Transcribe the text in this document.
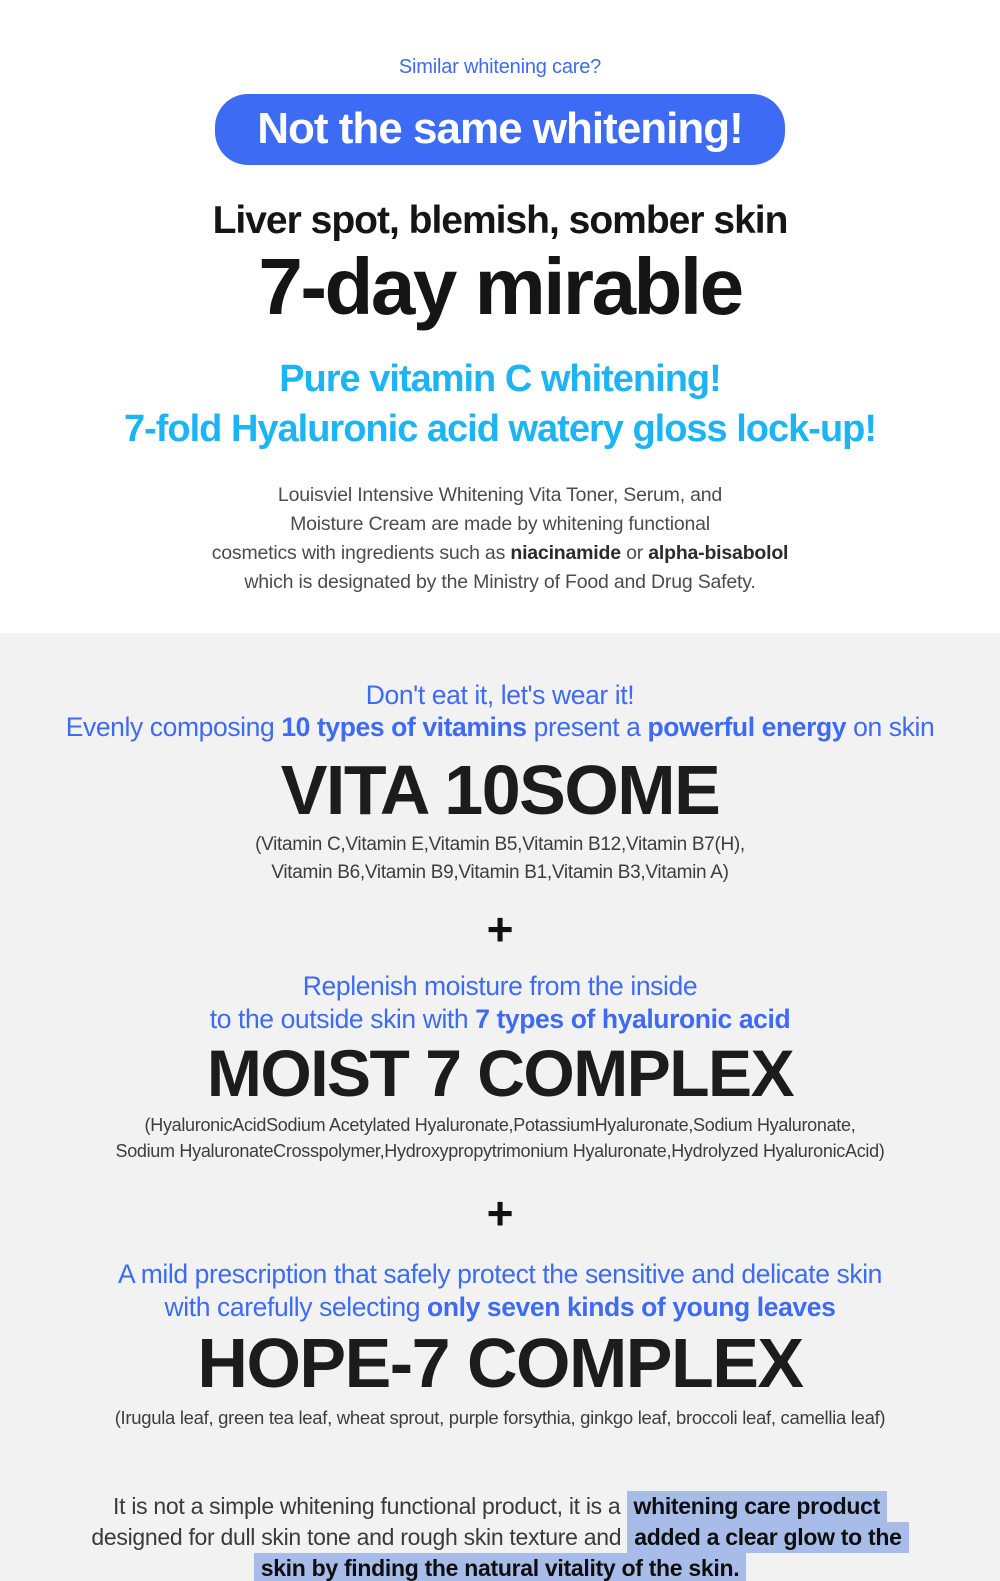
Similar whitening care?
Not the same whitening!
Liver spot, blemish, somber skin
7-day mirable
Pure vitamin C whitening!
7-fold Hyaluronic acid watery gloss lock-up!
Louisviel Intensive Whitening Vita Toner, Serum, and
Moisture Cream are made by whitening functional
cosmetics with ingredients such as niacinamide or alpha-bisabolol
which is designated by the Ministry of Food and Drug Safety.
Don't eat it, let's wear it!
Evenly composing 10 types of vitamins present a powerful energy on skin
VITA 10SOME
(Vitamin C,Vitamin E,Vitamin B5,Vitamin B12,Vitamin B7(H),
Vitamin B6,Vitamin B9,Vitamin B1,Vitamin B3,Vitamin A)
+
Replenish moisture from the inside
to the outside skin with 7 types of hyaluronic acid
MOIST 7 COMPLEX
(HyaluronicAcidSodium Acetylated Hyaluronate,PotassiumHyaluronate,Sodium Hyaluronate,
Sodium HyaluronateCrosspolymer,Hydroxypropytrimonium Hyaluronate,Hydrolyzed HyaluronicAcid)
+
A mild prescription that safely protect the sensitive and delicate skin
with carefully selecting only seven kinds of young leaves
HOPE-7 COMPLEX
(Irugula leaf, green tea leaf, wheat sprout, purple forsythia, ginkgo leaf, broccoli leaf, camellia leaf)
It is not a simple whitening functional product, it is a whitening care product
designed for dull skin tone and rough skin texture and added a clear glow to the
skin by finding the natural vitality of the skin.
